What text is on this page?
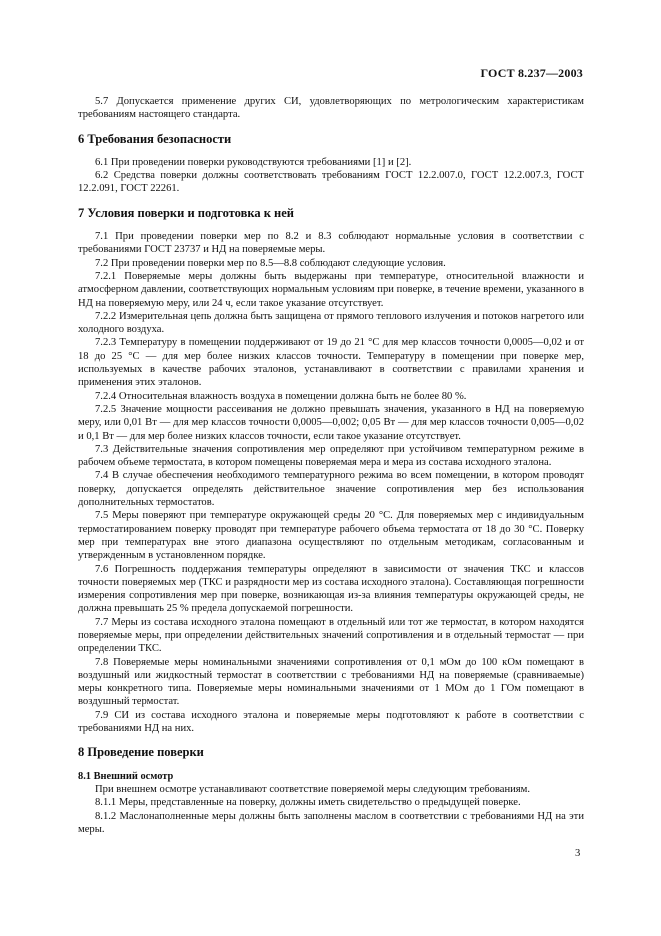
ГОСТ 8.237—2003

5.7 Допускается применение других СИ, удовлетворяющих по метрологическим характеристикам требованиям настоящего стандарта.

6 Требования безопасности

6.1 При проведении поверки руководствуются требованиями [1] и [2].

6.2 Средства поверки должны соответствовать требованиям ГОСТ 12.2.007.0, ГОСТ 12.2.007.3, ГОСТ 12.2.091, ГОСТ 22261.

7 Условия поверки и подготовка к ней

7.1 При проведении поверки мер по 8.2 и 8.3 соблюдают нормальные условия в соответствии с требованиями ГОСТ 23737 и НД на поверяемые меры.

7.2 При проведении поверки мер по 8.5—8.8 соблюдают следующие условия.

7.2.1 Поверяемые меры должны быть выдержаны при температуре, относительной влажности и атмосферном давлении, соответствующих нормальным условиям при поверке, в течение времени, указанного в НД на поверяемую меру, или 24 ч, если такое указание отсутствует.

7.2.2 Измерительная цепь должна быть защищена от прямого теплового излучения и потоков нагретого или холодного воздуха.

7.2.3 Температуру в помещении поддерживают от 19 до 21 °С для мер классов точности 0,0005—0,02 и от 18 до 25 °С — для мер более низких классов точности. Температуру в помещении при поверке мер, используемых в качестве рабочих эталонов, устанавливают в соответствии с правилами хранения и применения этих эталонов.

7.2.4 Относительная влажность воздуха в помещении должна быть не более 80 %.

7.2.5 Значение мощности рассеивания не должно превышать значения, указанного в НД на поверяемую меру, или 0,01 Вт — для мер классов точности 0,0005—0,002; 0,05 Вт — для мер классов точности 0,005—0,02 и 0,1 Вт — для мер более низких классов точности, если такое указание отсутствует.

7.3 Действительные значения сопротивления мер определяют при устойчивом температурном режиме в рабочем объеме термостата, в котором помещены поверяемая мера и мера из состава исходного эталона.

7.4 В случае обеспечения необходимого температурного режима во всем помещении, в котором проводят поверку, допускается определять действительное значение сопротивления мер без использования дополнительных термостатов.

7.5 Меры поверяют при температуре окружающей среды 20 °С. Для поверяемых мер с индивидуальным термостатированием поверку проводят при температуре рабочего объема термостата от 18 до 30 °С. Поверку мер при температурах вне этого диапазона осуществляют по отдельным методикам, согласованным и утвержденным в установленном порядке.

7.6 Погрешность поддержания температуры определяют в зависимости от значения ТКС и классов точности поверяемых мер (ТКС и разрядности мер из состава исходного эталона). Составляющая погрешности измерения сопротивления мер при поверке, возникающая из-за влияния температуры окружающей среды, не должна превышать 25 % предела допускаемой погрешности.

7.7 Меры из состава исходного эталона помещают в отдельный или тот же термостат, в котором находятся поверяемые меры, при определении действительных значений сопротивления и в отдельный термостат — при определении ТКС.

7.8 Поверяемые меры номинальными значениями сопротивления от 0,1 мОм до 100 кОм помещают в воздушный или жидкостный термостат в соответствии с требованиями НД на поверяемые (сравниваемые) меры конкретного типа. Поверяемые меры номинальными значениями от 1 МОм до 1 ГОм помещают в воздушный термостат.

7.9 СИ из состава исходного эталона и поверяемые меры подготовляют к работе в соответствии с требованиями НД на них.

8 Проведение поверки
8.1 Внешний осмотр

При внешнем осмотре устанавливают соответствие поверяемой меры следующим требованиям.

8.1.1 Меры, представленные на поверку, должны иметь свидетельство о предыдущей поверке.

8.1.2 Маслонаполненные меры должны быть заполнены маслом в соответствии с требованиями НД на эти меры.

3
